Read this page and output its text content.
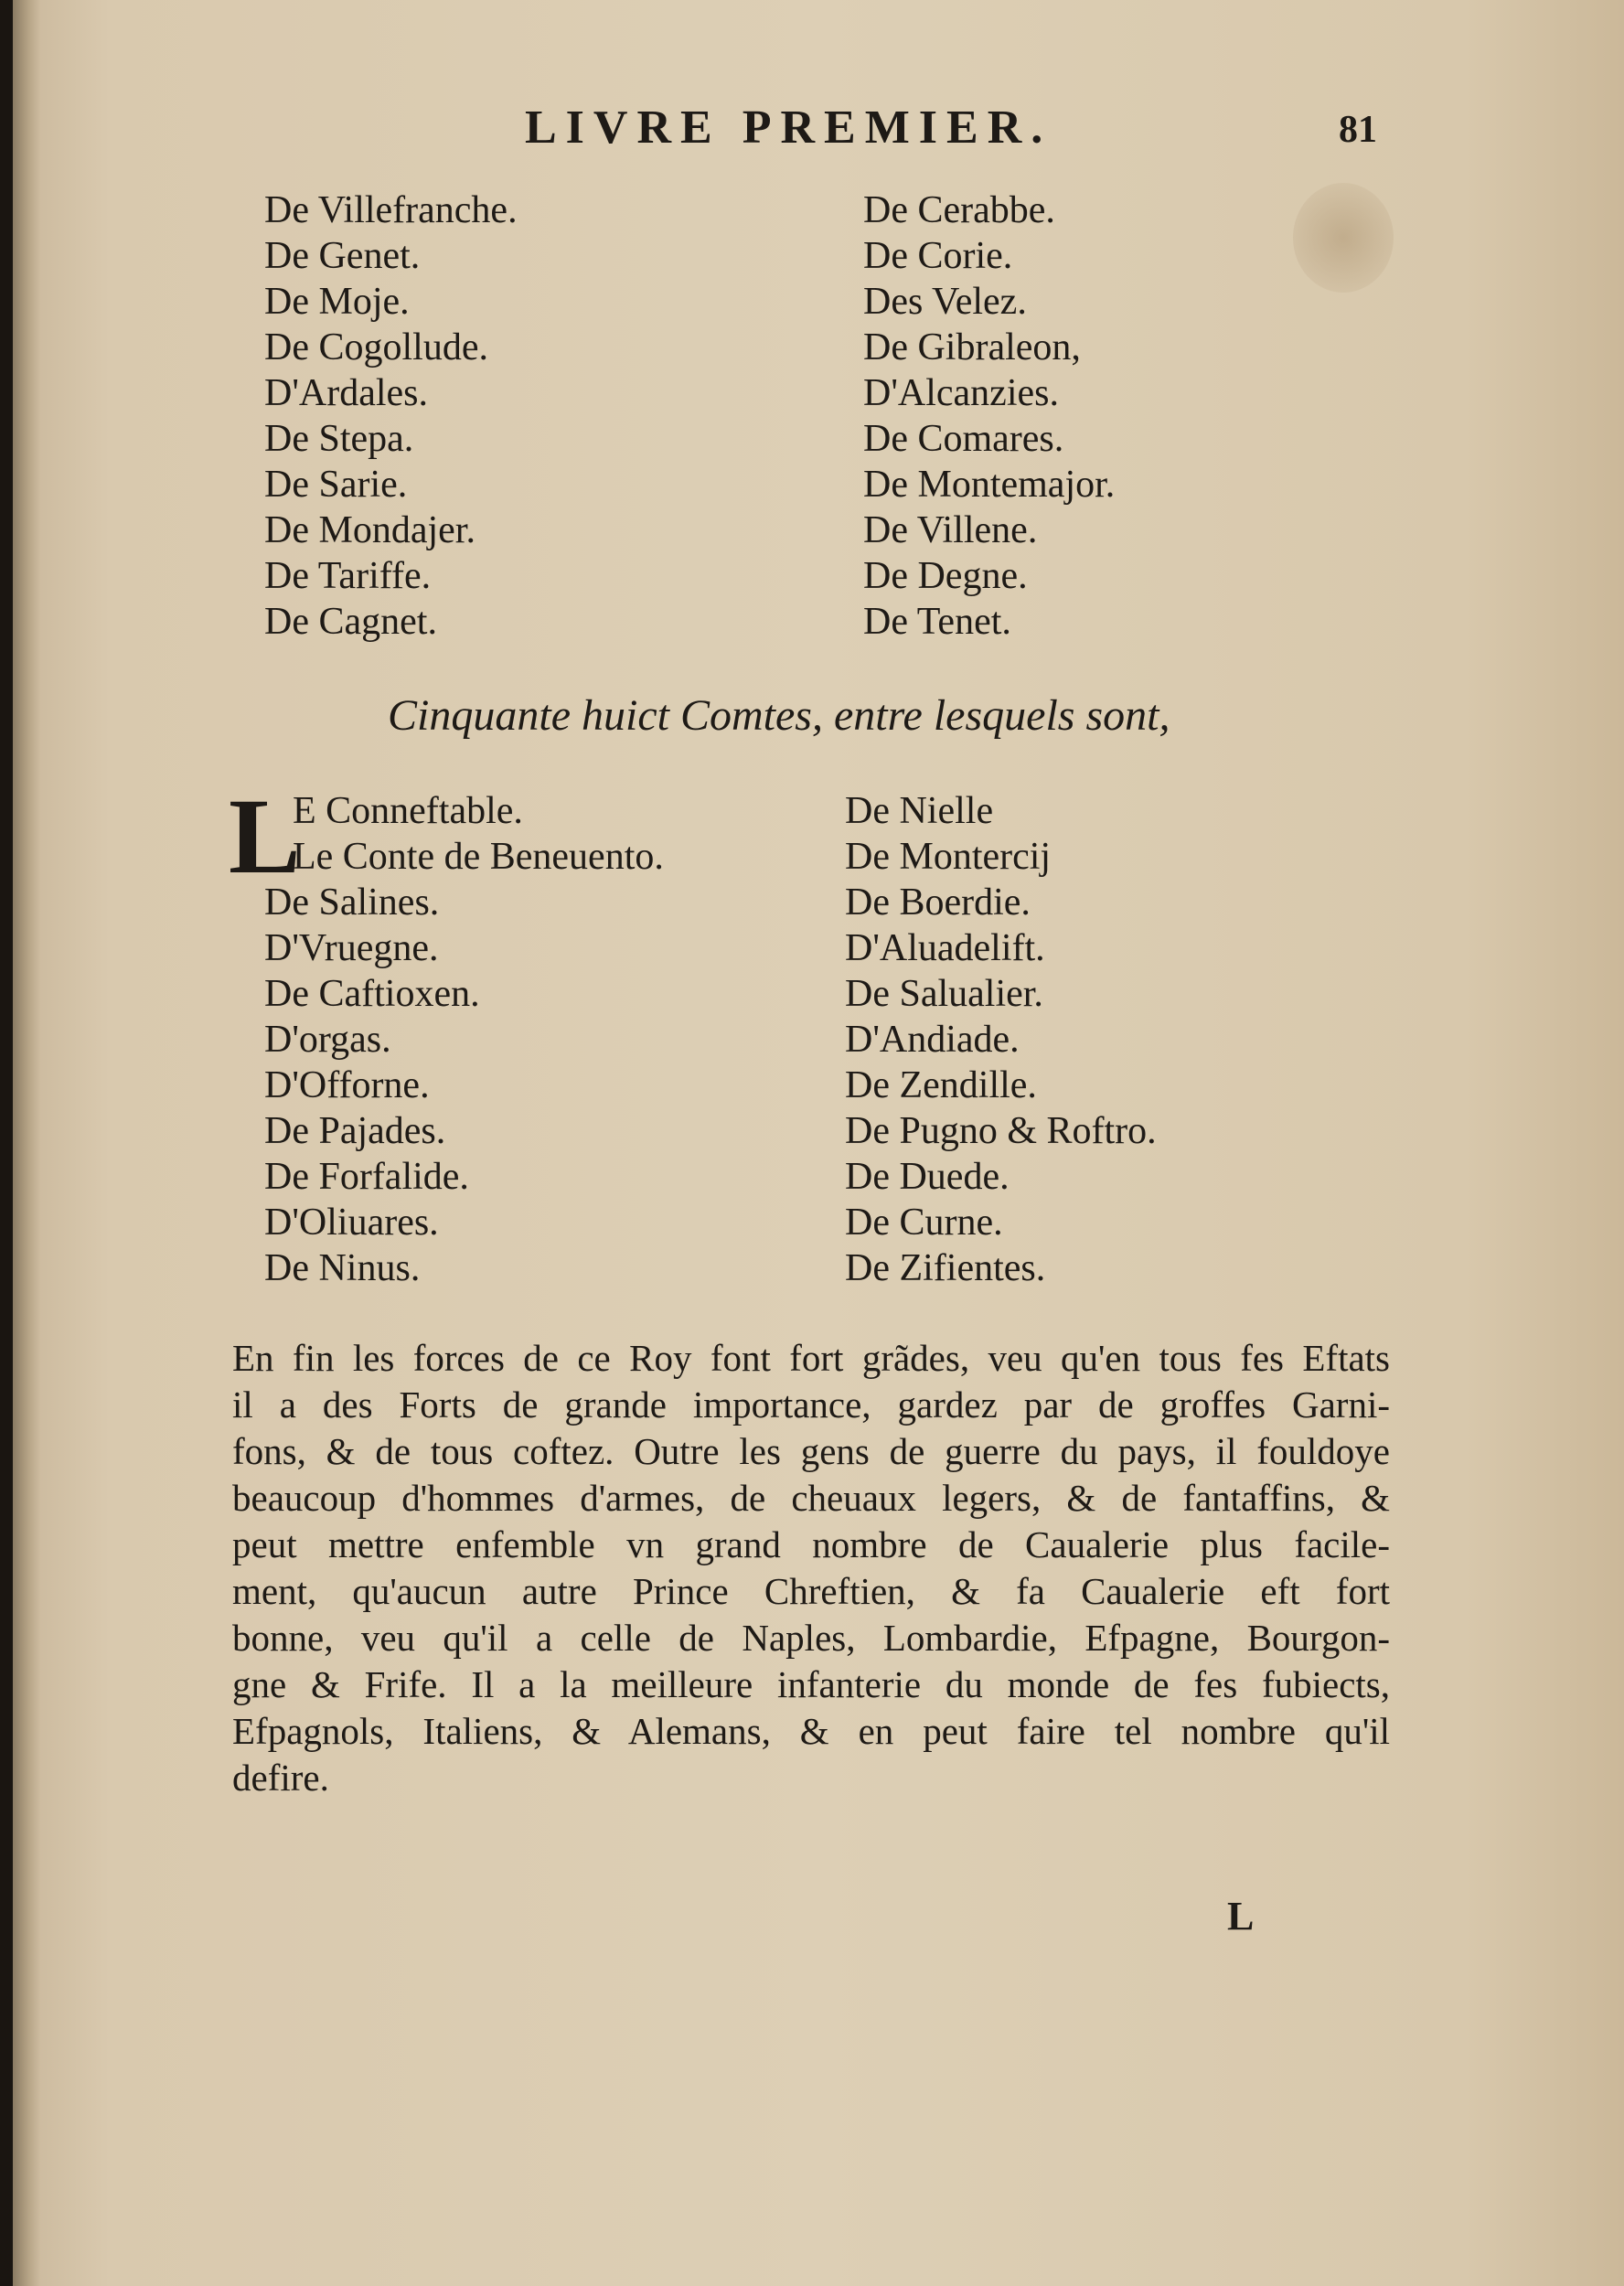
LIVRE PREMIER.	81
De Villefranche.
De Genet.
De Moje.
De Cogollude.
D'Ardales.
De Stepa.
De Sarie.
De Mondajer.
De Tariffe.
De Cagnet.
De Cerabbe.
De Corie.
Des Velez.
De Gibraleon,
D'Alcanzies.
De Comares.
De Montemajor.
De Villene.
De Degne.
De Tenet.
Cinquante huict Comtes, entre lesquels sont,
L
E Conneftable.
Le Conte de Beneuento.
De Salines.
D'Vruegne.
De Caftioxen.
D'orgas.
D'Offorne.
De Pajades.
De Forfalide.
D'Oliuares.
De Ninus.
De Nielle
De Montercij
De Boerdie.
D'Aluadelift.
De Salualier.
D'Andiade.
De Zendille.
De Pugno & Roftro.
De Duede.
De Curne.
De Zifientes.
En fin les forces de ce Roy font fort grãdes, veu qu'en tous fes Eftats
il a des Forts de grande importance, gardez par de groffes Garni-
fons, & de tous coftez. Outre les gens de guerre du pays, il fouldoye
beaucoup d'hommes d'armes, de cheuaux legers, & de fantaffins, &
peut mettre enfemble vn grand nombre de Caualerie plus facile-
ment, qu'aucun autre Prince Chreftien, & fa Caualerie eft fort
bonne, veu qu'il a celle de Naples, Lombardie, Efpagne, Bourgon-
gne & Frife. Il a la meilleure infanterie du monde de fes fubiects,
Efpagnols, Italiens, & Alemans, & en peut faire tel nombre qu'il
defire.
L
